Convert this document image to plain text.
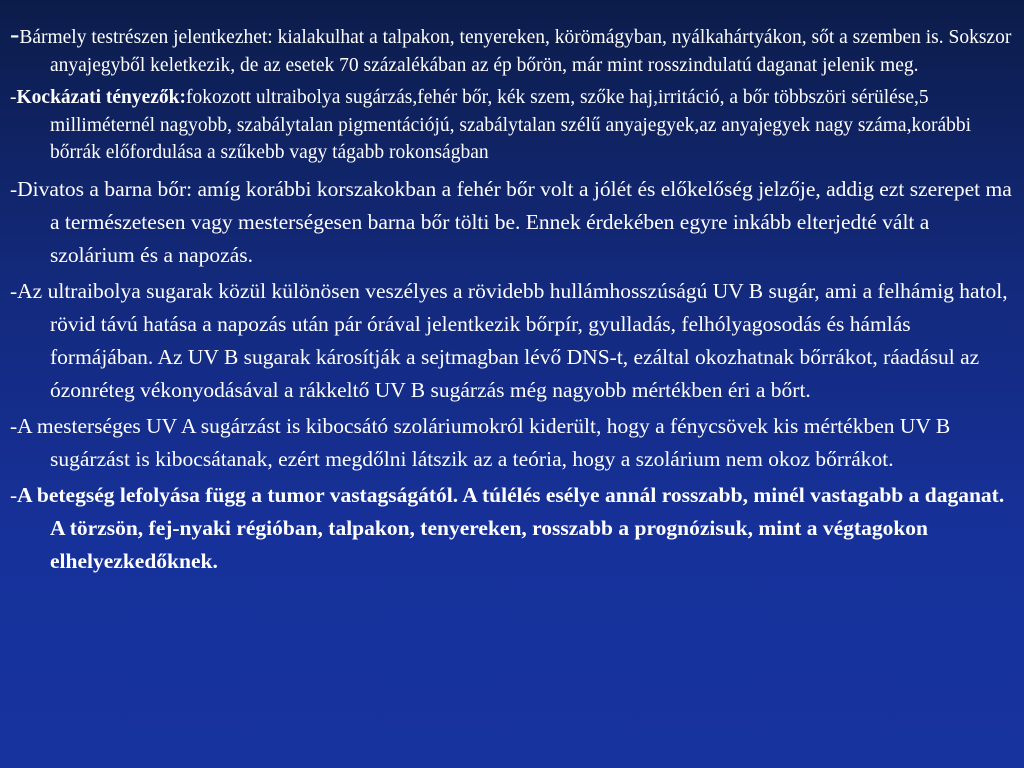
-Bármely testrészen jelentkezhet: kialakulhat a talpakon, tenyereken, körömágyban, nyálkahártyákon, sőt a szemben is. Sokszor anyajegyből keletkezik, de az esetek 70 százalékában az ép bőrön, már mint rosszindulatú daganat jelenik meg.

-Kockázati tényezők:fokozott ultraibolya sugárzás,fehér bőr, kék szem, szőke haj,irritáció, a bőr többszöri sérülése,5 milliméternél nagyobb, szabálytalan pigmentációjú, szabálytalan szélű anyajegyek,az anyajegyek nagy száma,korábbi bőrrák előfordulása a szűkebb vagy tágabb rokonságban

-Divatos a barna bőr: amíg korábbi korszakokban a fehér bőr volt a jólét és előkelőség jelzője, addig ezt szerepet ma a természetesen vagy mesterségesen barna bőr tölti be. Ennek érdekében egyre inkább elterjedté vált a szolárium és a napozás.

-Az ultraibolya sugarak közül különösen veszélyes a rövidebb hullámhosszúságú UV B sugár, ami a felhámig hatol, rövid távú hatása a napozás után pár órával jelentkezik bőrpír, gyulladás, felhólyagosodás és hámlás formájában. Az UV B sugarak károsítják a sejtmagban lévő DNS-t, ezáltal okozhatnak bőrrákot, ráadásul az ózonréteg vékonyodásával a rákkeltő UV B sugárzás még nagyobb mértékben éri a bőrt.

-A mesterséges UV A sugárzást is kibocsátó szoláriumokról kiderült, hogy a fénycsövek kis mértékben UV B sugárzást is kibocsátanak, ezért megdőlni látszik az a teória, hogy a szolárium nem okoz bőrrákot.

-A betegség lefolyása függ a tumor vastagságától. A túlélés esélye annál rosszabb, minél vastagabb a daganat. A törzsön, fej-nyaki régióban, talpakon, tenyereken, rosszabb a prognózisuk, mint a végtagokon elhelyezkedőknek.
